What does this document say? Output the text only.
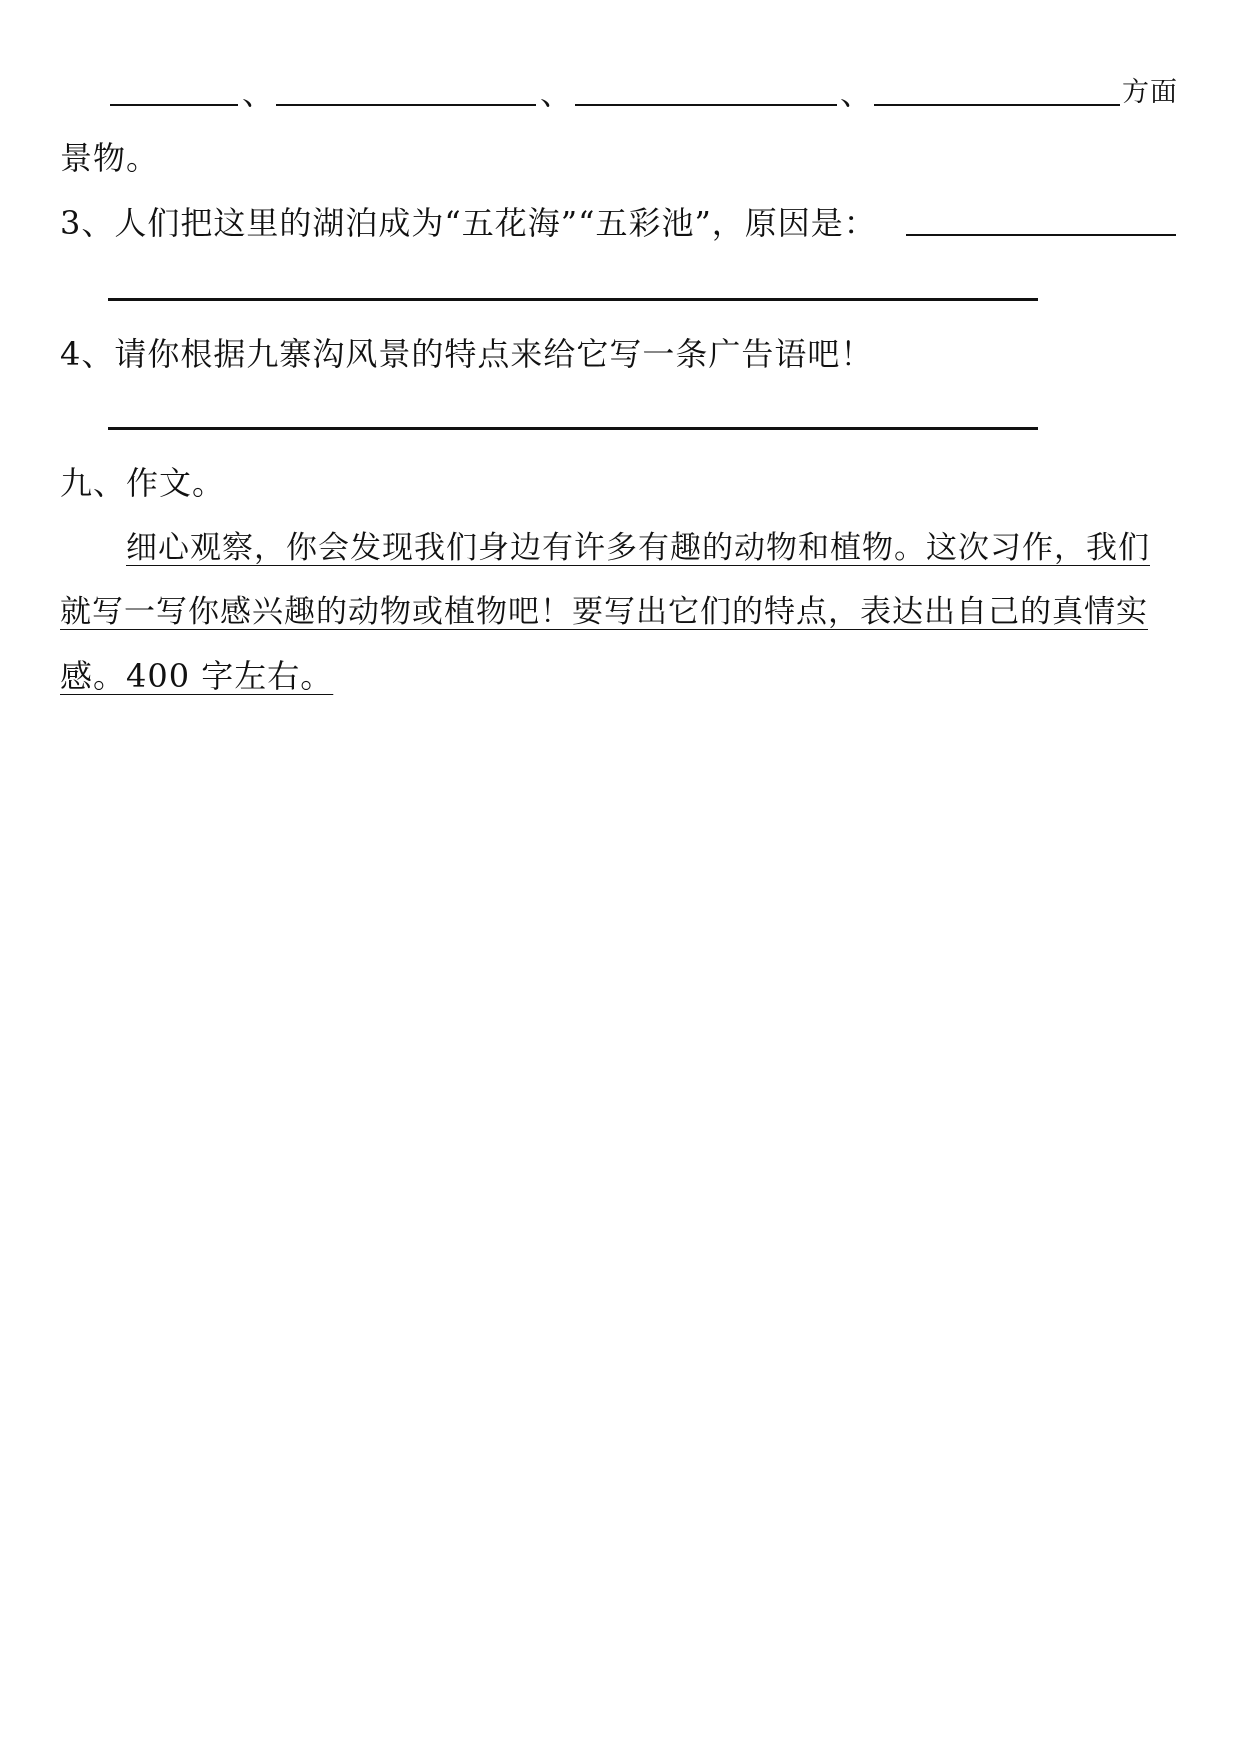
、	、	、	方面
景物。
3、人们把这里的湖泊成为“五花海”“五彩池”，原因是：
4、请你根据九寨沟风景的特点来给它写一条广告语吧！
九、作文。
细心观察，你会发现我们身边有许多有趣的动物和植物。这次习作，我们
就写一写你感兴趣的动物或植物吧！要写出它们的特点，表达出自己的真情实
感。400 字左右。
